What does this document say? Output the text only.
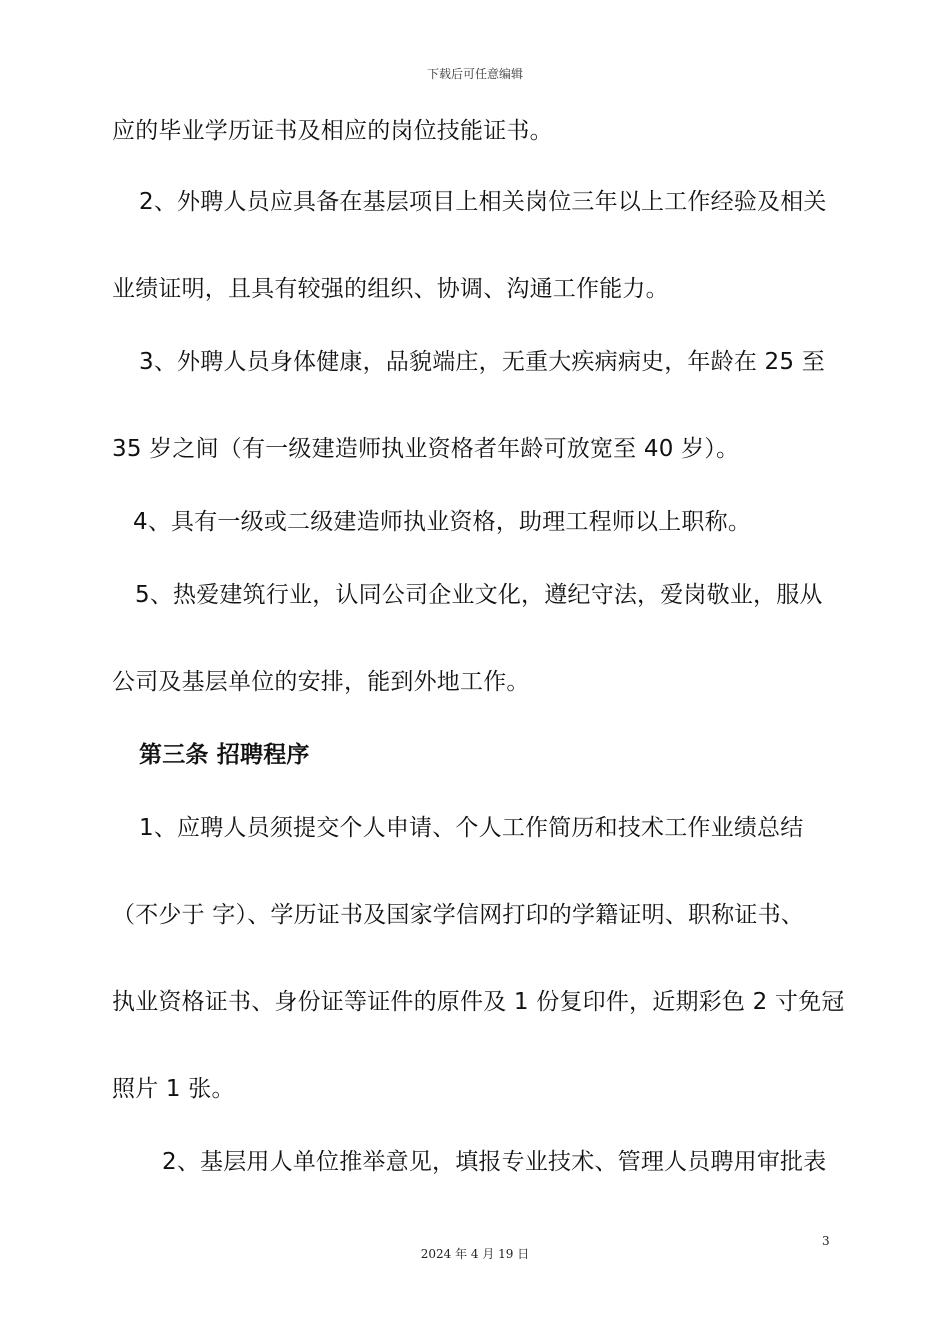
下载后可任意编辑
应的毕业学历证书及相应的岗位技能证书。
2、外聘人员应具备在基层项目上相关岗位三年以上工作经验及相关
业绩证明，且具有较强的组织、协调、沟通工作能力。
3、外聘人员身体健康，品貌端庄，无重大疾病病史，年龄在 25 至
35 岁之间（有一级建造师执业资格者年龄可放宽至 40 岁）。
4、具有一级或二级建造师执业资格，助理工程师以上职称。
5、热爱建筑行业，认同公司企业文化，遵纪守法，爱岗敬业，服从
公司及基层单位的安排，能到外地工作。
第三条 招聘程序
1、应聘人员须提交个人申请、个人工作简历和技术工作业绩总结
（不少于 字）、学历证书及国家学信网打印的学籍证明、职称证书、
执业资格证书、身份证等证件的原件及 1 份复印件，近期彩色 2 寸免冠
照片 1 张。
2、基层用人单位推举意见，填报专业技术、管理人员聘用审批表
3
2024 年 4 月 19 日
